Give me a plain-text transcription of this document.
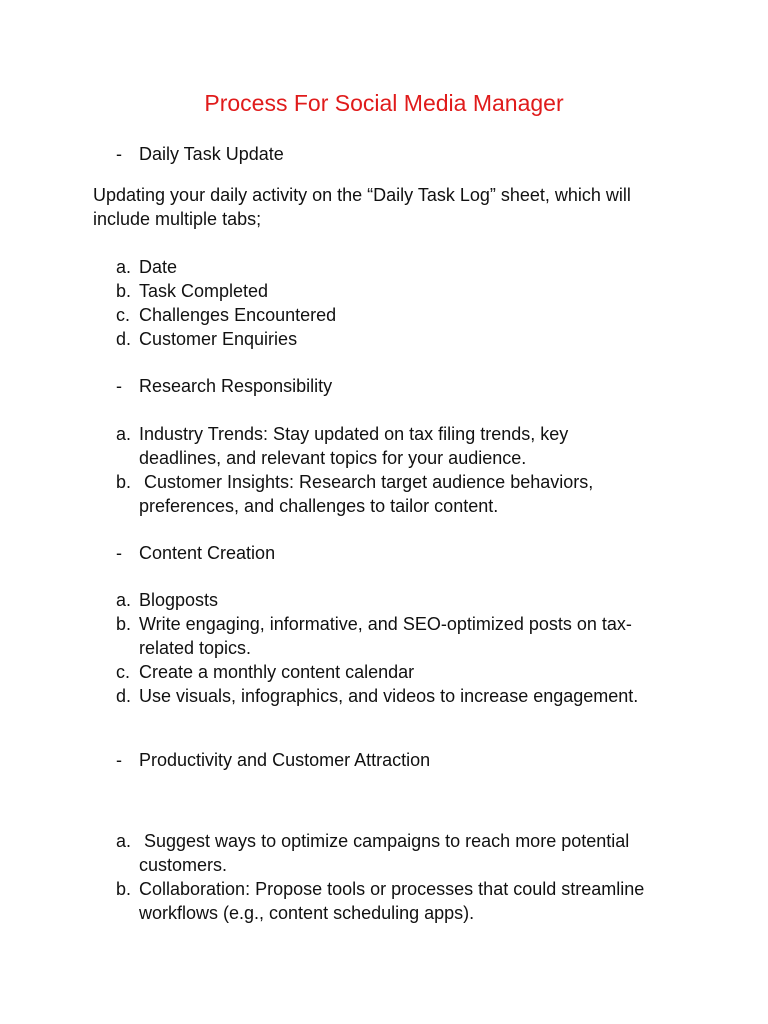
Process For Social Media Manager
- Daily Task Update
Updating your daily activity on the “Daily Task Log” sheet, which will
include multiple tabs;
a. Date
b. Task Completed
c. Challenges Encountered
d. Customer Enquiries
- Research Responsibility
a. Industry Trends: Stay updated on tax filing trends, key
deadlines, and relevant topics for your audience.
b. Customer Insights: Research target audience behaviors,
preferences, and challenges to tailor content.
- Content Creation
a. Blogposts
b. Write engaging, informative, and SEO-optimized posts on tax-
related topics.
c. Create a monthly content calendar
d. Use visuals, infographics, and videos to increase engagement.
- Productivity and Customer Attraction
a. Suggest ways to optimize campaigns to reach more potential
customers.
b. Collaboration: Propose tools or processes that could streamline
workflows (e.g., content scheduling apps).
